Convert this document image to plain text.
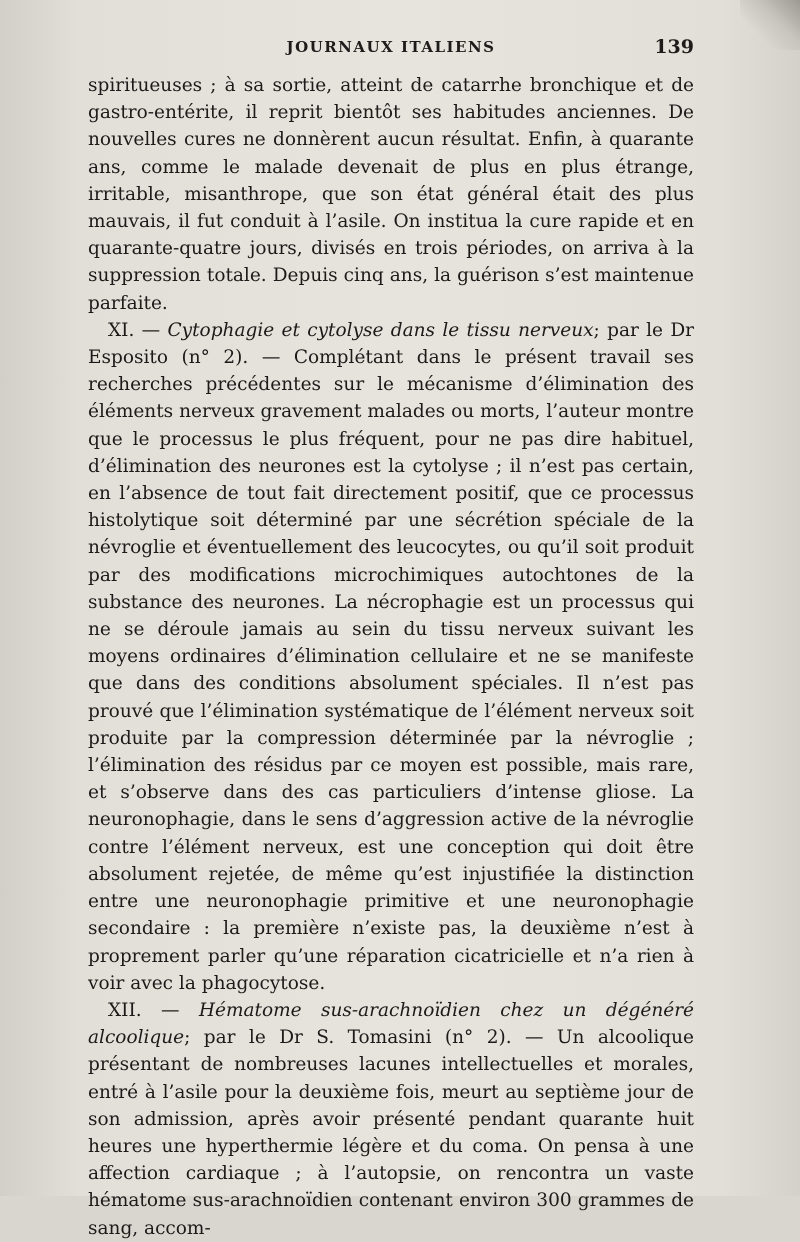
JOURNAUX ITALIENS	139

spiritueuses ; à sa sortie, atteint de catarrhe bronchique et de gastro-entérite, il reprit bientôt ses habitudes anciennes. De nouvelles cures ne donnèrent aucun résultat. Enfin, à quarante ans, comme le malade devenait de plus en plus étrange, irritable, misanthrope, que son état général était des plus mauvais, il fut conduit à l’asile. On institua la cure rapide et en quarante-quatre jours, divisés en trois périodes, on arriva à la suppression totale. Depuis cinq ans, la guérison s’est maintenue parfaite.

XI. — Cytophagie et cytolyse dans le tissu nerveux; par le Dr Esposito (n° 2). — Complétant dans le présent travail ses recherches précédentes sur le mécanisme d’élimination des éléments nerveux gravement malades ou morts, l’auteur montre que le processus le plus fréquent, pour ne pas dire habituel, d’élimination des neurones est la cytolyse ; il n’est pas certain, en l’absence de tout fait directement positif, que ce processus histolytique soit déterminé par une sécrétion spéciale de la névroglie et éventuellement des leucocytes, ou qu’il soit produit par des modifications microchimiques autochtones de la substance des neurones. La nécrophagie est un processus qui ne se déroule jamais au sein du tissu nerveux suivant les moyens ordinaires d’élimination cellulaire et ne se manifeste que dans des conditions absolument spéciales. Il n’est pas prouvé que l’élimination systématique de l’élément nerveux soit produite par la compression déterminée par la névroglie ; l’élimination des résidus par ce moyen est possible, mais rare, et s’observe dans des cas particuliers d’intense gliose. La neuronophagie, dans le sens d’aggression active de la névroglie contre l’élément nerveux, est une conception qui doit être absolument rejetée, de même qu’est injustifiée la distinction entre une neuronophagie primitive et une neuronophagie secondaire : la première n’existe pas, la deuxième n’est à proprement parler qu’une réparation cicatricielle et n’a rien à voir avec la phagocytose.

XII. — Hématome sus-arachnoïdien chez un dégénéré alcoolique; par le Dr S. Tomasini (n° 2). — Un alcoolique présentant de nombreuses lacunes intellectuelles et morales, entré à l’asile pour la deuxième fois, meurt au septième jour de son admission, après avoir présenté pendant quarante huit heures une hyperthermie légère et du coma. On pensa à une affection cardiaque ; à l’autopsie, on rencontra un vaste hématome sus-arachnoïdien contenant environ 300 grammes de sang, accom-
